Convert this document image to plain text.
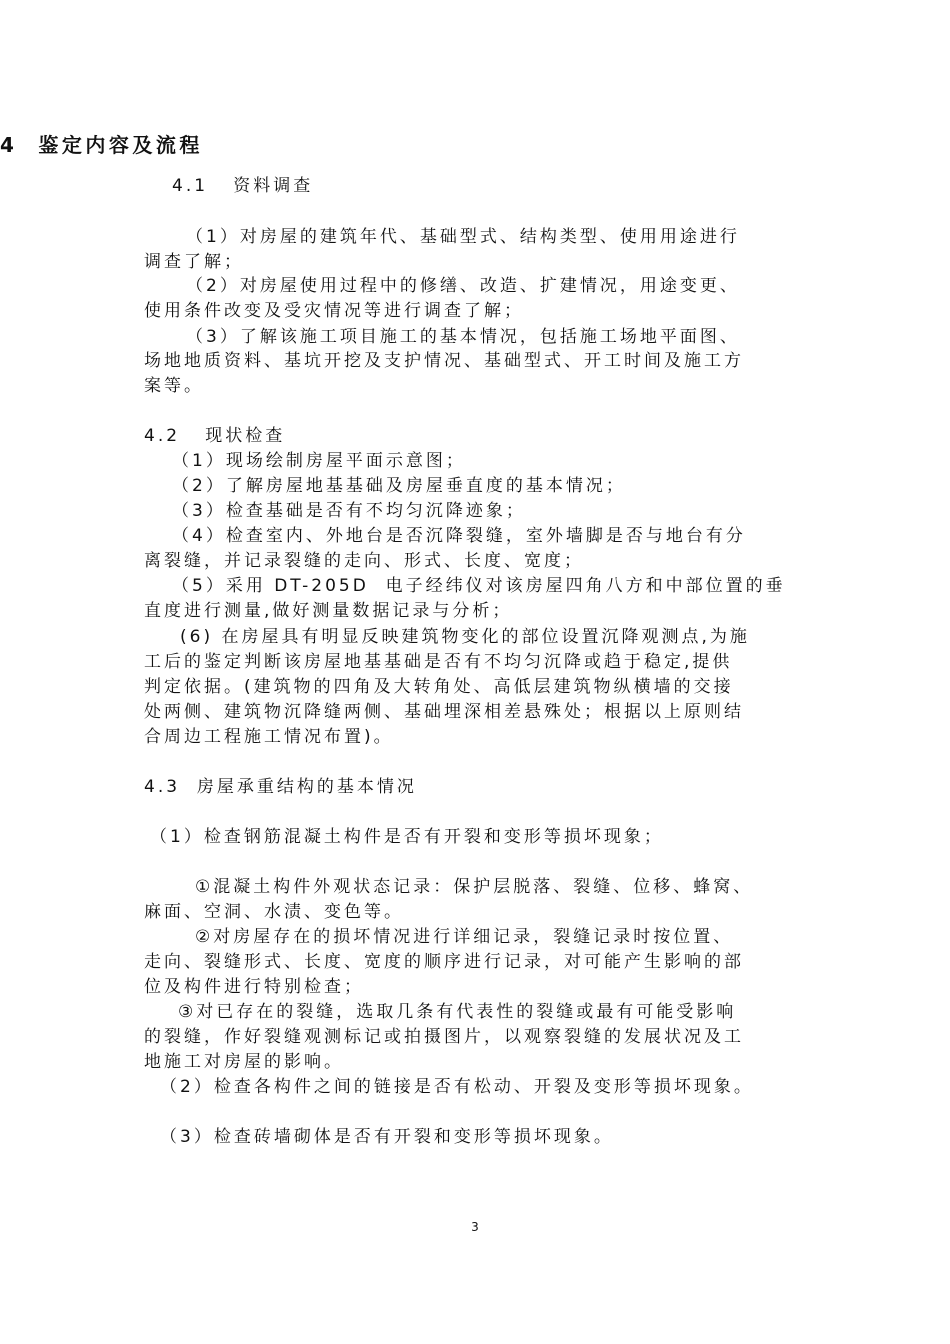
4  鉴定内容及流程
4.1   资料调查
（1）对房屋的建筑年代、基础型式、结构类型、使用用途进行
调查了解；
（2）对房屋使用过程中的修缮、改造、扩建情况，用途变更、
使用条件改变及受灾情况等进行调查了解；
（3）了解该施工项目施工的基本情况，包括施工场地平面图、
场地地质资料、基坑开挖及支护情况、基础型式、开工时间及施工方
案等。
4.2   现状检查
（1）现场绘制房屋平面示意图；
（2）了解房屋地基基础及房屋垂直度的基本情况；
（3）检查基础是否有不均匀沉降迹象；
（4）检查室内、外地台是否沉降裂缝，室外墙脚是否与地台有分
离裂缝，并记录裂缝的走向、形式、长度、宽度；
（5）采用 DT-205D  电子经纬仪对该房屋四角八方和中部位置的垂
直度进行测量,做好测量数据记录与分析；
(6) 在房屋具有明显反映建筑物变化的部位设置沉降观测点,为施
工后的鉴定判断该房屋地基基础是否有不均匀沉降或趋于稳定,提供
判定依据。(建筑物的四角及大转角处、高低层建筑物纵横墙的交接
处两侧、建筑物沉降缝两侧、基础埋深相差悬殊处；根据以上原则结
合周边工程施工情况布置)。
4.3  房屋承重结构的基本情况
（1）检查钢筋混凝土构件是否有开裂和变形等损坏现象；
①混凝土构件外观状态记录：保护层脱落、裂缝、位移、蜂窝、
麻面、空洞、水渍、变色等。
②对房屋存在的损坏情况进行详细记录，裂缝记录时按位置、
走向、裂缝形式、长度、宽度的顺序进行记录，对可能产生影响的部
位及构件进行特别检查；
③对已存在的裂缝，选取几条有代表性的裂缝或最有可能受影响
的裂缝，作好裂缝观测标记或拍摄图片，以观察裂缝的发展状况及工
地施工对房屋的影响。
（2）检查各构件之间的链接是否有松动、开裂及变形等损坏现象。
（3）检查砖墙砌体是否有开裂和变形等损坏现象。
3
